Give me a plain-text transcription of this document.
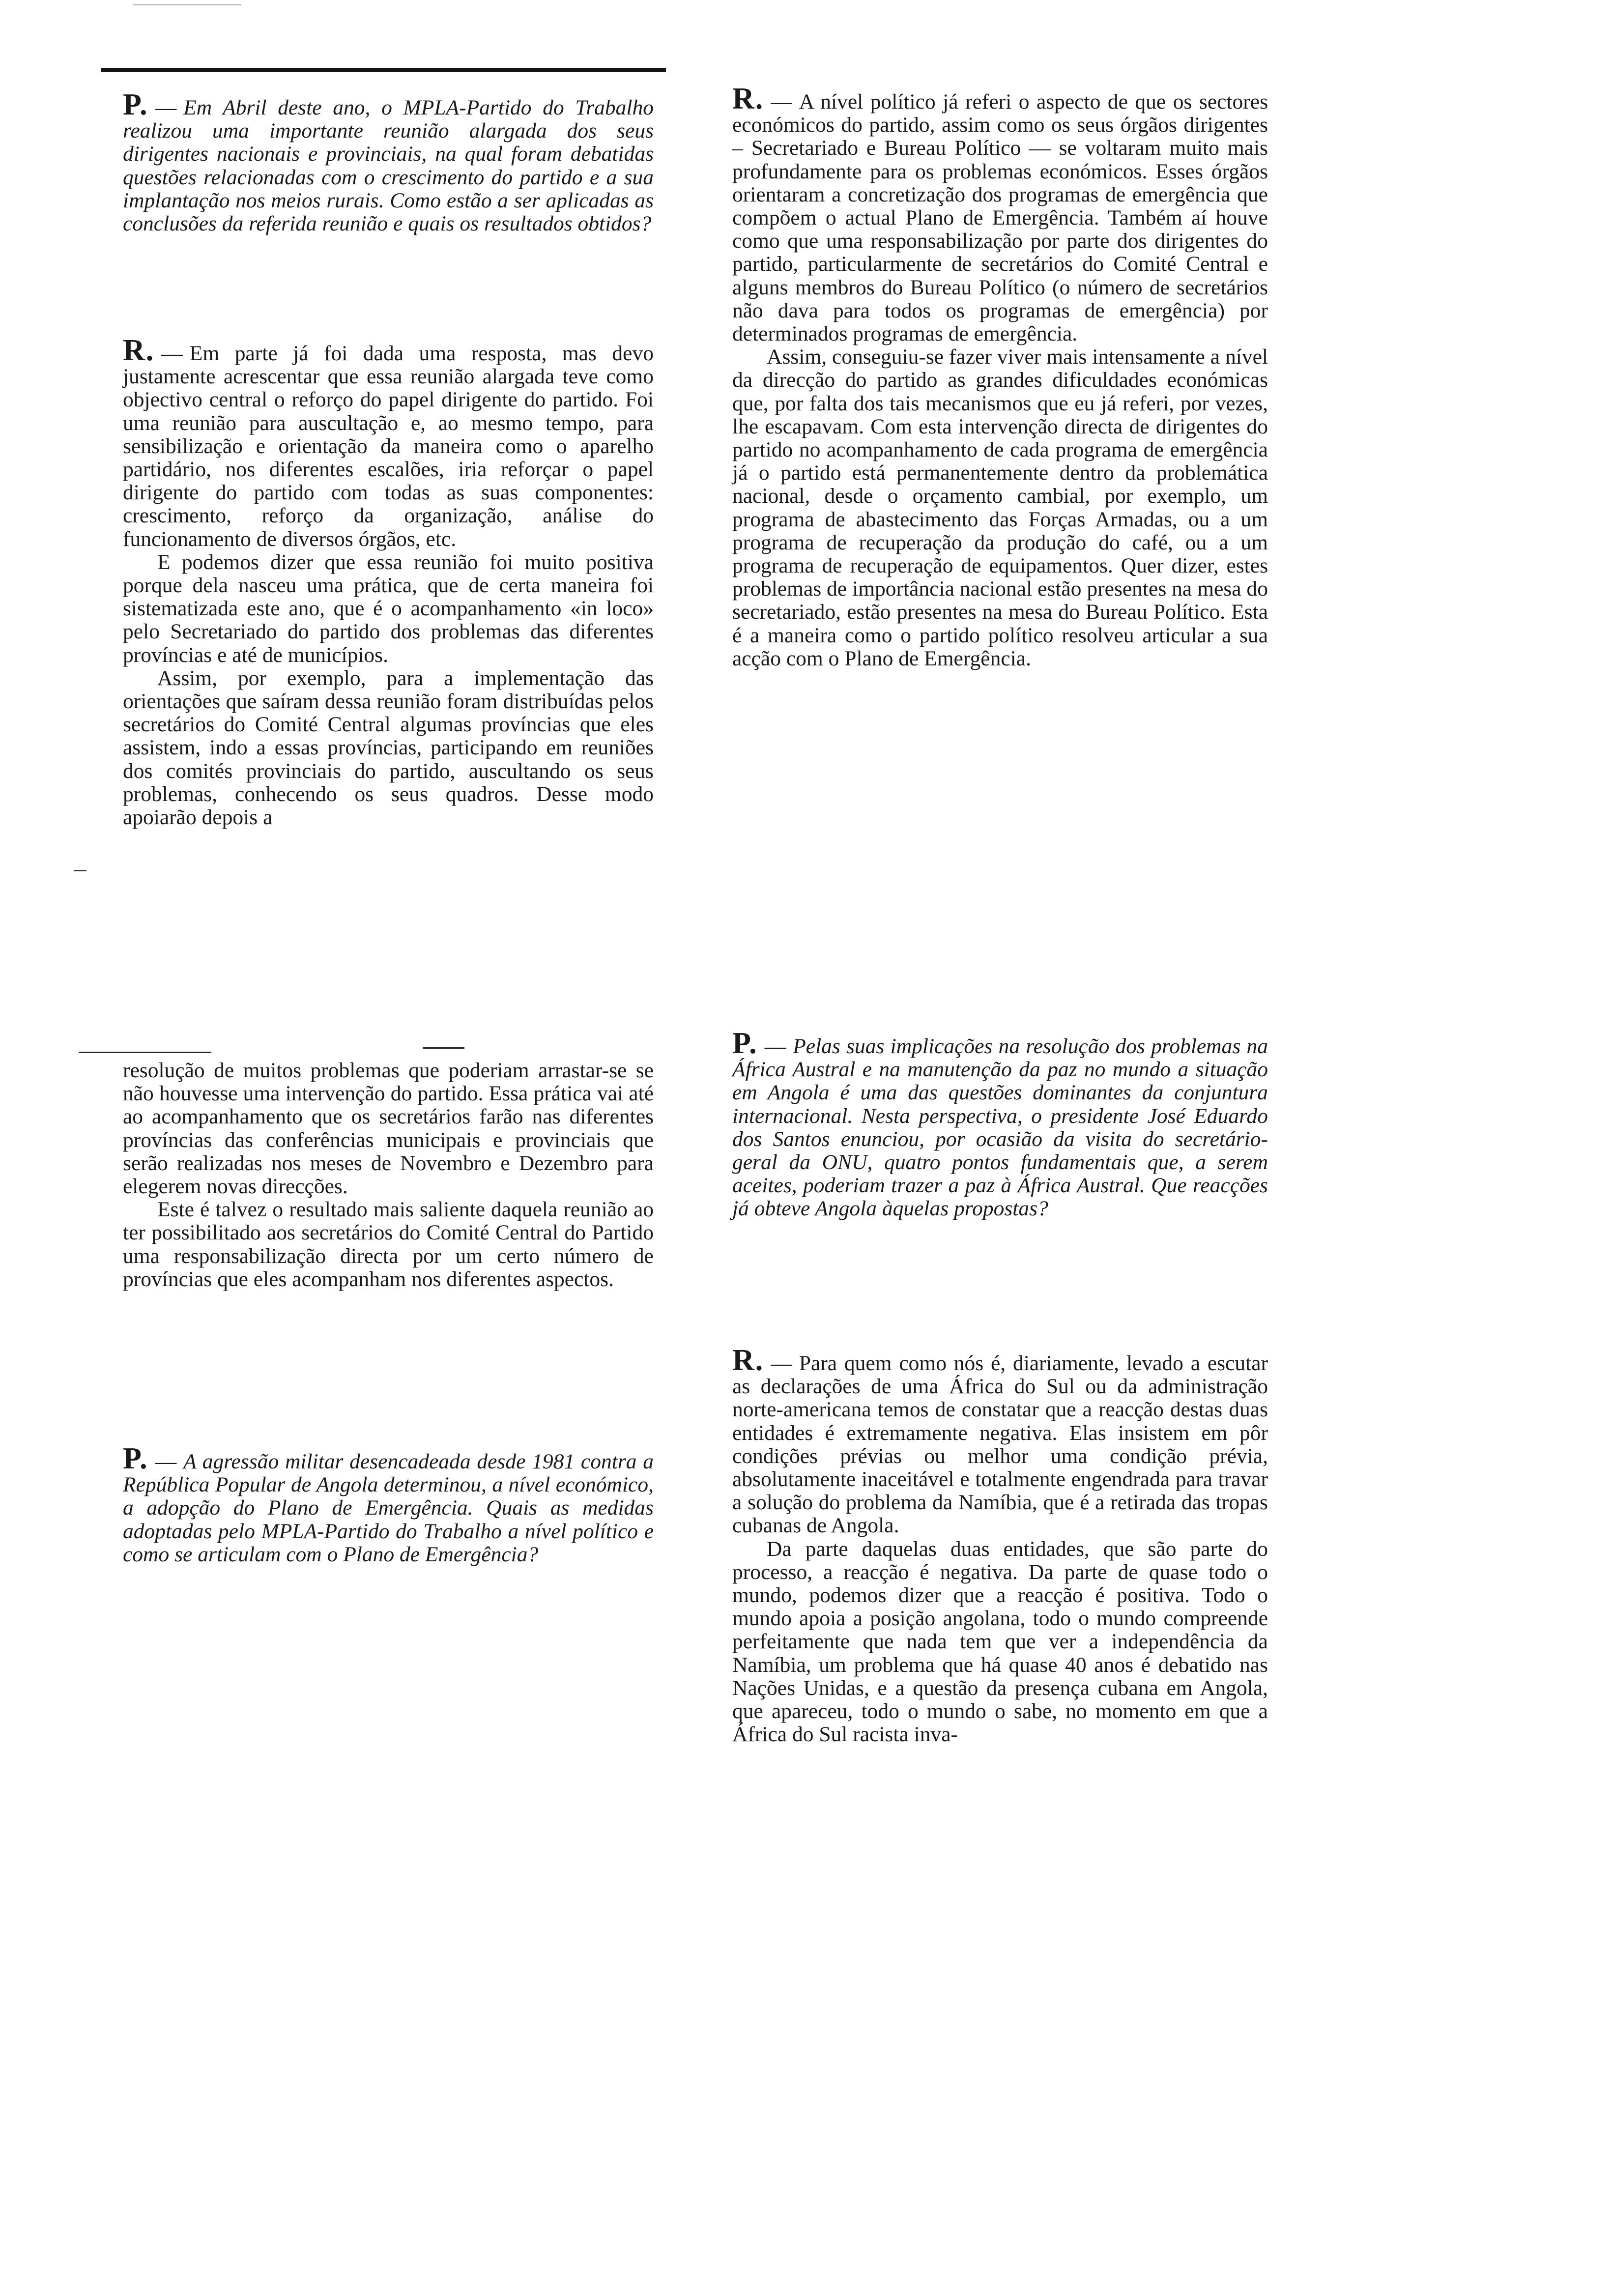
P. — Em Abril deste ano, o MPLA-Partido do Trabalho realizou uma importante reunião alargada dos seus dirigentes nacionais e provinciais, na qual foram debatidas questões relacionadas com o crescimento do partido e a sua implantação nos meios rurais. Como estão a ser aplicadas as conclusões da referida reunião e quais os resultados obtidos?

R. — Em parte já foi dada uma resposta, mas devo justamente acrescentar que essa reunião alargada teve como objectivo central o reforço do papel dirigente do partido. Foi uma reunião para auscultação e, ao mesmo tempo, para sensibilização e orientação da maneira como o aparelho partidário, nos diferentes escalões, iria reforçar o papel dirigente do partido com todas as suas componentes: crescimento, reforço da organização, análise do funcionamento de diversos órgãos, etc.

E podemos dizer que essa reunião foi muito positiva porque dela nasceu uma prática, que de certa maneira foi sistematizada este ano, que é o acompanhamento «in loco» pelo Secretariado do partido dos problemas das diferentes províncias e até de municípios.

Assim, por exemplo, para a implementação das orientações que saíram dessa reunião foram distribuídas pelos secretários do Comité Central algumas províncias que eles assistem, indo a essas províncias, participando em reuniões dos comités provinciais do partido, auscultando os seus problemas, conhecendo os seus quadros. Desse modo apoiarão depois a

resolução de muitos problemas que poderiam arrastar-se se não houvesse uma intervenção do partido. Essa prática vai até ao acompanhamento que os secretários farão nas diferentes províncias das conferências municipais e provinciais que serão realizadas nos meses de Novembro e Dezembro para elegerem novas direcções.

Este é talvez o resultado mais saliente daquela reunião ao ter possibilitado aos secretários do Comité Central do Partido uma responsabilização directa por um certo número de províncias que eles acompanham nos diferentes aspectos.

P. — A agressão militar desencadeada desde 1981 contra a República Popular de Angola determinou, a nível económico, a adopção do Plano de Emergência. Quais as medidas adoptadas pelo MPLA-Partido do Trabalho a nível político e como se articulam com o Plano de Emergência?

R. — A nível político já referi o aspecto de que os sectores económicos do partido, assim como os seus órgãos dirigentes – Secretariado e Bureau Político — se voltaram muito mais profundamente para os problemas económicos. Esses órgãos orientaram a concretização dos programas de emergência que compõem o actual Plano de Emergência. Também aí houve como que uma responsabilização por parte dos dirigentes do partido, particularmente de secretários do Comité Central e alguns membros do Bureau Político (o número de secretários não dava para todos os programas de emergência) por determinados programas de emergência.

Assim, conseguiu-se fazer viver mais intensamente a nível da direcção do partido as grandes dificuldades económicas que, por falta dos tais mecanismos que eu já referi, por vezes, lhe escapavam. Com esta intervenção directa de dirigentes do partido no acompanhamento de cada programa de emergência já o partido está permanentemente dentro da problemática nacional, desde o orçamento cambial, por exemplo, um programa de abastecimento das Forças Armadas, ou a um programa de recuperação da produção do café, ou a um programa de recuperação de equipamentos. Quer dizer, estes problemas de importância nacional estão presentes na mesa do secretariado, estão presentes na mesa do Bureau Político. Esta é a maneira como o partido político resolveu articular a sua acção com o Plano de Emergência.

P. — Pelas suas implicações na resolução dos problemas na África Austral e na manutenção da paz no mundo a situação em Angola é uma das questões dominantes da conjuntura internacional. Nesta perspectiva, o presidente José Eduardo dos Santos enunciou, por ocasião da visita do secretário-geral da ONU, quatro pontos fundamentais que, a serem aceites, poderiam trazer a paz à África Austral. Que reacções já obteve Angola àquelas propostas?

R. — Para quem como nós é, diariamente, levado a escutar as declarações de uma África do Sul ou da administração norte-americana temos de constatar que a reacção destas duas entidades é extremamente negativa. Elas insistem em pôr condições prévias ou melhor uma condição prévia, absolutamente inaceitável e totalmente engendrada para travar a solução do problema da Namíbia, que é a retirada das tropas cubanas de Angola.

Da parte daquelas duas entidades, que são parte do processo, a reacção é negativa. Da parte de quase todo o mundo, podemos dizer que a reacção é positiva. Todo o mundo apoia a posição angolana, todo o mundo compreende perfeitamente que nada tem que ver a independência da Namíbia, um problema que há quase 40 anos é debatido nas Nações Unidas, e a questão da presença cubana em Angola, que apareceu, todo o mundo o sabe, no momento em que a África do Sul racista inva-
